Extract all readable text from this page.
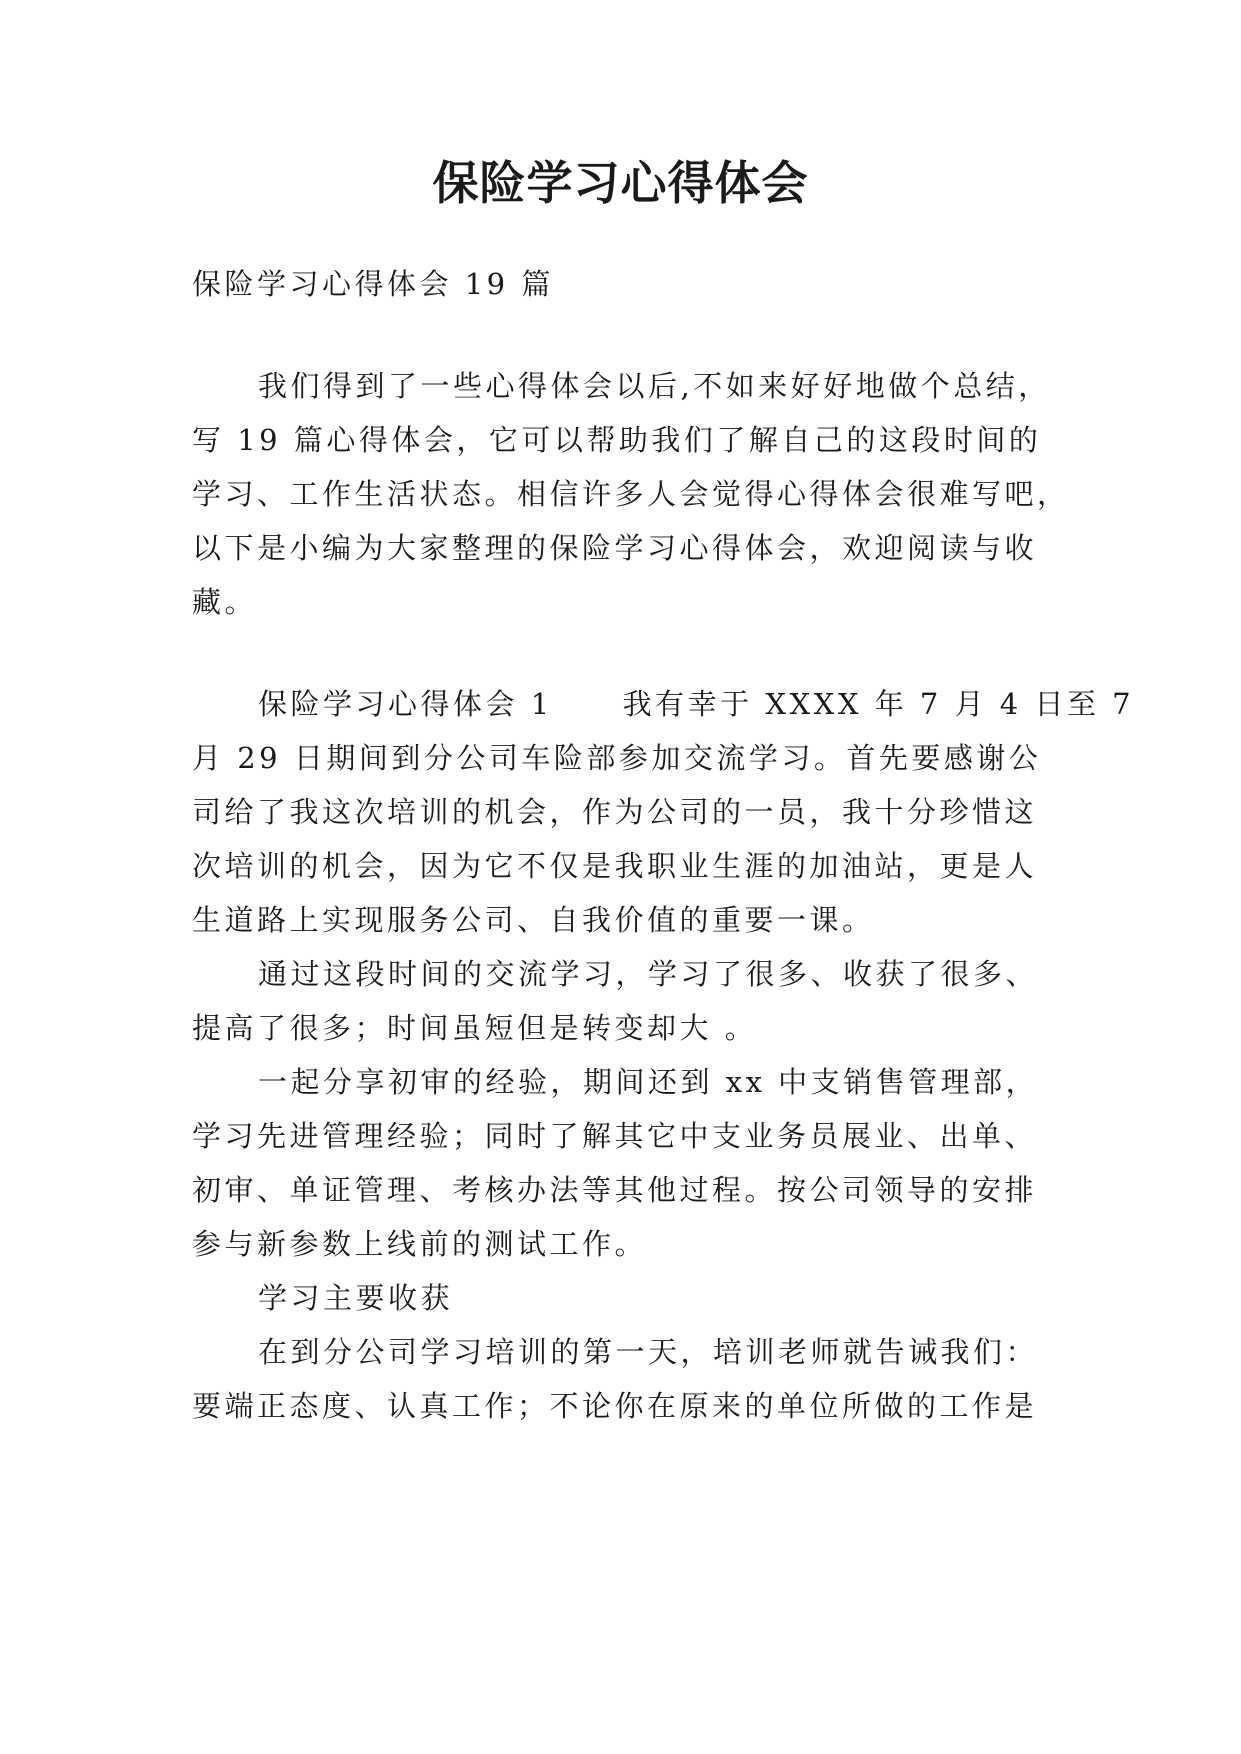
保险学习心得体会
保险学习心得体会 19 篇
我们得到了一些心得体会以后,不如来好好地做个总结，
写 19 篇心得体会，它可以帮助我们了解自己的这段时间的
学习、工作生活状态。相信许多人会觉得心得体会很难写吧，
以下是小编为大家整理的保险学习心得体会，欢迎阅读与收
藏。
保险学习心得体会 1 我有幸于 XXXX 年 7 月 4 日至 7
月 29 日期间到分公司车险部参加交流学习。首先要感谢公
司给了我这次培训的机会，作为公司的一员，我十分珍惜这
次培训的机会，因为它不仅是我职业生涯的加油站，更是人
生道路上实现服务公司、自我价值的重要一课。
通过这段时间的交流学习，学习了很多、收获了很多、
提高了很多；时间虽短但是转变却大 。
一起分享初审的经验，期间还到 xx 中支销售管理部，
学习先进管理经验；同时了解其它中支业务员展业、出单、
初审、单证管理、考核办法等其他过程。按公司领导的安排
参与新参数上线前的测试工作。
学习主要收获
在到分公司学习培训的第一天，培训老师就告诫我们：
要端正态度、认真工作；不论你在原来的单位所做的工作是
